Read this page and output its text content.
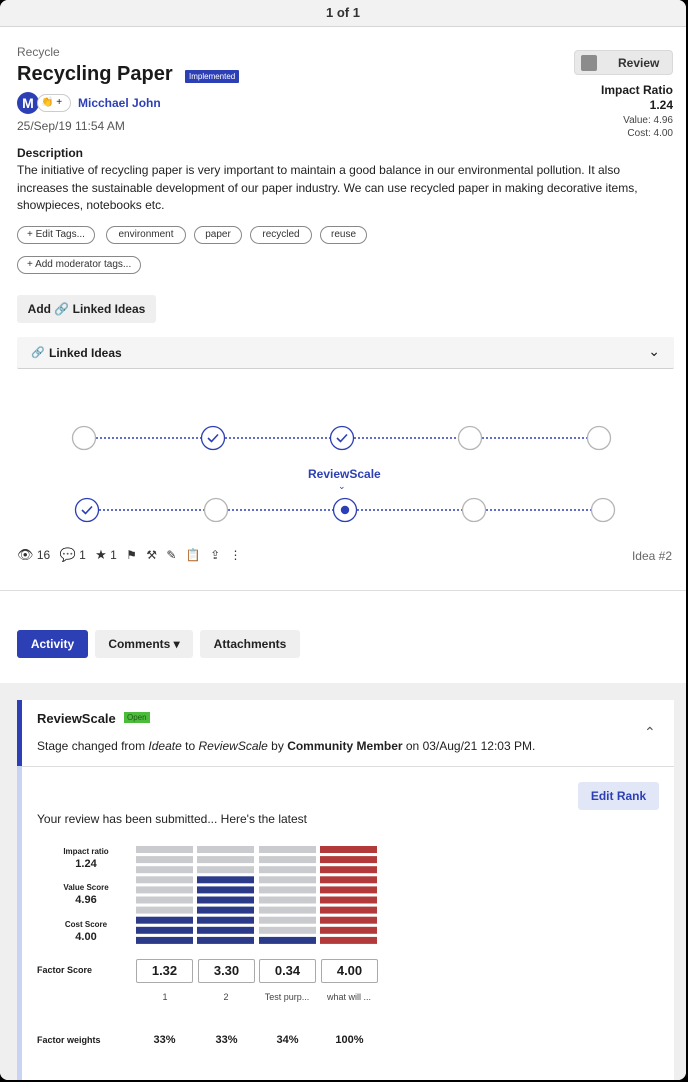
1 of 1
Recycle
Recycling Paper	Implemented
Review
Impact Ratio
1.24
Value: 4.96
Cost: 4.00
M 👏 +	Micchael John
25/Sep/19 11:54 AM
Description
The initiative of recycling paper is very important to maintain a good balance in our environmental pollution. It also increases the sustainable development of our paper industry. We can use recycled paper in making decorative items, showpieces, notebooks etc.
+ Edit Tags...	environment	paper	recycled	reuse
+ Add moderator tags...
Add 🔗 Linked Ideas
🔗 Linked Ideas	⌄
ReviewScale
⌄
👁 16 💬 1 ★ 1 ⚑ ⚒ ✎ 📋 ⇪ ⋮	Idea #2
Activity	Comments ▾	Attachments
ReviewScale	Open
Stage changed from Ideate to ReviewScale by Community Member on 03/Aug/21 12:03 PM.
⌃
Edit Rank
Your review has been submitted... Here's the latest
Impact ratio
1.24
Value Score
4.96
Cost Score
4.00
Factor Score	1.32	3.30	0.34	4.00
1	2	Test purp...	what will ...
Factor weights	33%	33%	34%	100%
